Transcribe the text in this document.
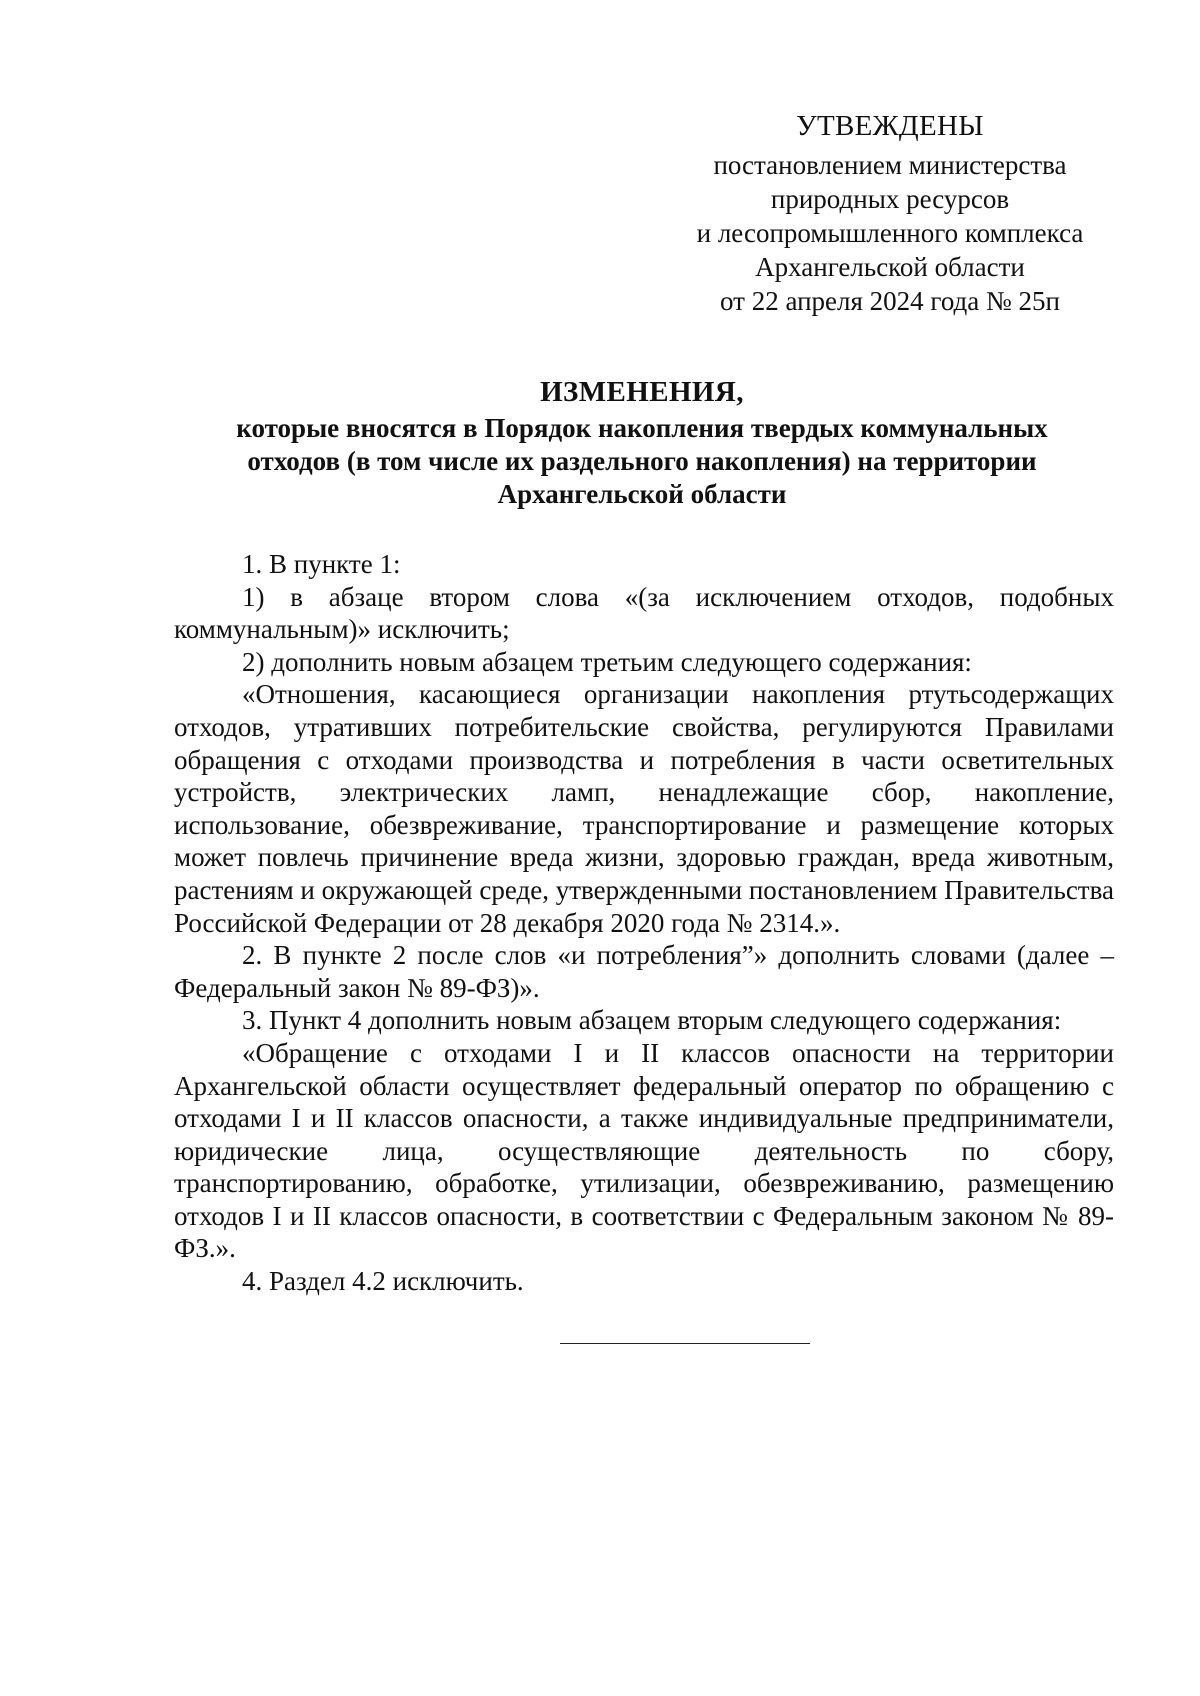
УТВЕЖДЕНЫ
постановлением министерства
природных ресурсов
и лесопромышленного комплекса
Архангельской области
от 22 апреля 2024 года № 25п
ИЗМЕНЕНИЯ,
которые вносятся в Порядок накопления твердых коммунальных
отходов (в том числе их раздельного накопления) на территории
Архангельской области

1. В пункте 1:

1) в абзаце втором слова «(за исключением отходов, подобных коммунальным)» исключить;

2) дополнить новым абзацем третьим следующего содержания:

«Отношения, касающиеся организации накопления ртутьсодержащих отходов, утративших потребительские свойства, регулируются Правилами обращения с отходами производства и потребления в части осветительных устройств, электрических ламп, ненадлежащие сбор, накопление, использование, обезвреживание, транспортирование и размещение которых может повлечь причинение вреда жизни, здоровью граждан, вреда животным, растениям и окружающей среде, утвержденными постановлением Правительства Российской Федерации от 28 декабря 2020 года № 2314.».

2. В пункте 2 после слов «и потребления”» дополнить словами (далее – Федеральный закон № 89-ФЗ)».

3. Пункт 4 дополнить новым абзацем вторым следующего содержания:

«Обращение с отходами I и II классов опасности на территории Архангельской области осуществляет федеральный оператор по обращению с отходами I и II классов опасности, а также индивидуальные предприниматели, юридические лица, осуществляющие деятельность по сбору, транспортированию, обработке, утилизации, обезвреживанию, размещению отходов I и II классов опасности, в соответствии с Федеральным законом № 89-ФЗ.».

4. Раздел 4.2 исключить.
